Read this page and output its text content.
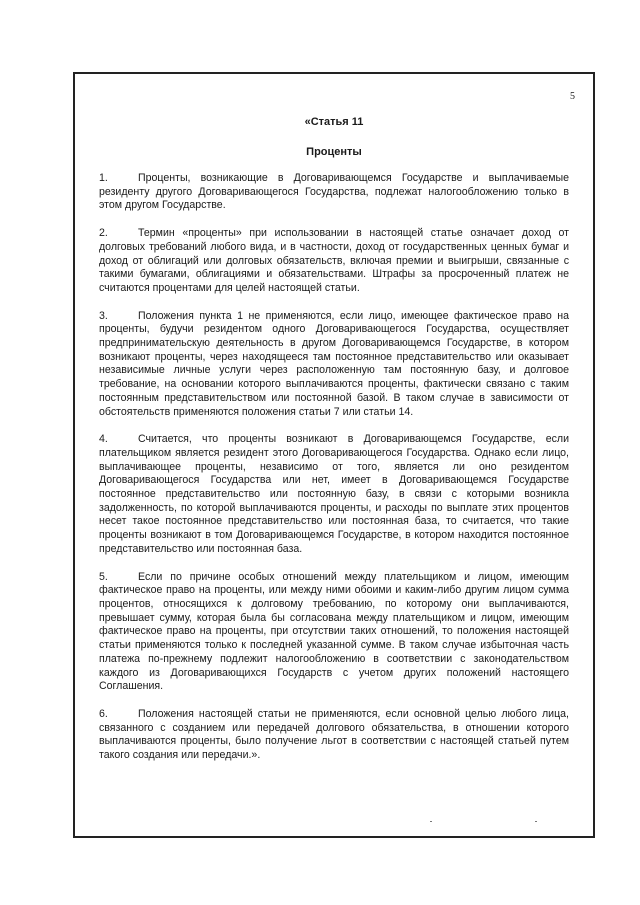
5

«Статья 11

Проценты

1.	Проценты, возникающие в Договаривающемся Государстве и выплачиваемые резиденту другого Договаривающегося Государства, подлежат налогообложению только в этом другом Государстве.

2.	Термин «проценты» при использовании в настоящей статье означает доход от долговых требований любого вида, и в частности, доход от государственных ценных бумаг и доход от облигаций или долговых обязательств, включая премии и выигрыши, связанные с такими бумагами, облигациями и обязательствами. Штрафы за просроченный платеж не считаются процентами для целей настоящей статьи.

3.	Положения пункта 1 не применяются, если лицо, имеющее фактическое право на проценты, будучи резидентом одного Договаривающегося Государства, осуществляет предпринимательскую деятельность в другом Договаривающемся Государстве, в котором возникают проценты, через находящееся там постоянное представительство или оказывает независимые личные услуги через расположенную там постоянную базу, и долговое требование, на основании которого выплачиваются проценты, фактически связано с таким постоянным представительством или постоянной базой. В таком случае в зависимости от обстоятельств применяются положения статьи 7 или статьи 14.

4.	Считается, что проценты возникают в Договаривающемся Государстве, если плательщиком является резидент этого Договаривающегося Государства. Однако если лицо, выплачивающее проценты, независимо от того, является ли оно резидентом Договаривающегося Государства или нет, имеет в Договаривающемся Государстве постоянное представительство или постоянную базу, в связи с которыми возникла задолженность, по которой выплачиваются проценты, и расходы по выплате этих процентов несет такое постоянное представительство или постоянная база, то считается, что такие проценты возникают в том Договаривающемся Государстве, в котором находится постоянное представительство или постоянная база.

5.	Если по причине особых отношений между плательщиком и лицом, имеющим фактическое право на проценты, или между ними обоими и каким-либо другим лицом сумма процентов, относящихся к долговому требованию, по которому они выплачиваются, превышает сумму, которая была бы согласована между плательщиком и лицом, имеющим фактическое право на проценты, при отсутствии таких отношений, то положения настоящей статьи применяются только к последней указанной сумме. В таком случае избыточная часть платежа по-прежнему подлежит налогообложению в соответствии с законодательством каждого из Договаривающихся Государств с учетом других положений настоящего Соглашения.

6.	Положения настоящей статьи не применяются, если основной целью любого лица, связанного с созданием или передачей долгового обязательства, в отношении которого выплачиваются проценты, было получение льгот в соответствии с настоящей статьей путем такого создания или передачи.».
